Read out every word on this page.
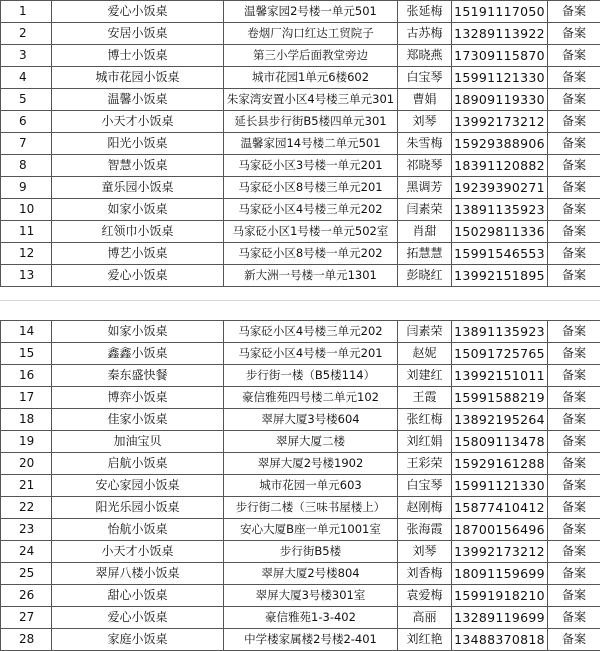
1	爱心小饭桌	温馨家园2号楼一单元501	张延梅	15191117050	备案
2	安居小饭桌	卷烟厂沟口红达工贸院子	古苏梅	13289113922	备案
3	博士小饭桌	第三小学后面教堂旁边	郑晓燕	17309115870	备案
4	城市花园小饭桌	城市花园1单元6楼602	白宝琴	15991121330	备案
5	温馨小饭桌	朱家湾安置小区4号楼三单元301	曹娟	18909119330	备案
6	小天才小饭桌	延长县步行街B5楼四单元301	刘琴	13992173212	备案
7	阳光小饭桌	温馨家园14号楼二单元501	朱雪梅	15929388906	备案
8	智慧小饭桌	马家砭小区3号楼一单元201	祁晓琴	18391120882	备案
9	童乐园小饭桌	马家砭小区8号楼三单元201	黑调芳	19239390271	备案
10	如家小饭桌	马家砭小区4号楼三单元202	闫素荣	13891135923	备案
11	红领巾小饭桌	马家砭小区1号楼一单元502室	肖甜	15029811336	备案
12	博艺小饭桌	马家砭小区8号楼一单元202	拓慧慧	15991546553	备案
13	爱心小饭桌	新大洲一号楼一单元1301	彭晓红	13992151895	备案
14	如家小饭桌	马家砭小区4号楼三单元202	闫素荣	13891135923	备案
15	鑫鑫小饭桌	马家砭小区4号楼一单元201	赵妮	15091725765	备案
16	秦东盛快餐	步行街一楼（B5楼114）	刘建红	13992151011	备案
17	博弈小饭桌	豪信雅苑四号楼二单元102	王霞	15991588219	备案
18	佳家小饭桌	翠屏大厦3号楼604	张红梅	13892195264	备案
19	加油宝贝	翠屏大厦二楼	刘红娟	15809113478	备案
20	启航小饭桌	翠屏大厦2号楼1902	王彩荣	15929161288	备案
21	安心家园小饭桌	城市花园一单元603	白宝琴	15991121330	备案
22	阳光乐园小饭桌	步行街二楼（三味书屋楼上）	赵刚梅	15877410412	备案
23	怡航小饭桌	安心大厦B座一单元1001室	张海霞	18700156496	备案
24	小天才小饭桌	步行街B5楼	刘琴	13992173212	备案
25	翠屏八楼小饭桌	翠屏大厦2号楼804	刘香梅	18091159699	备案
26	甜心小饭桌	翠屏大厦3号楼301室	袁爱梅	15991918210	备案
27	爱心小饭桌	豪信雅苑1-3-402	高丽	13289119699	备案
28	家庭小饭桌	中学楼家属楼2号楼2-401	刘红艳	13488370818	备案
